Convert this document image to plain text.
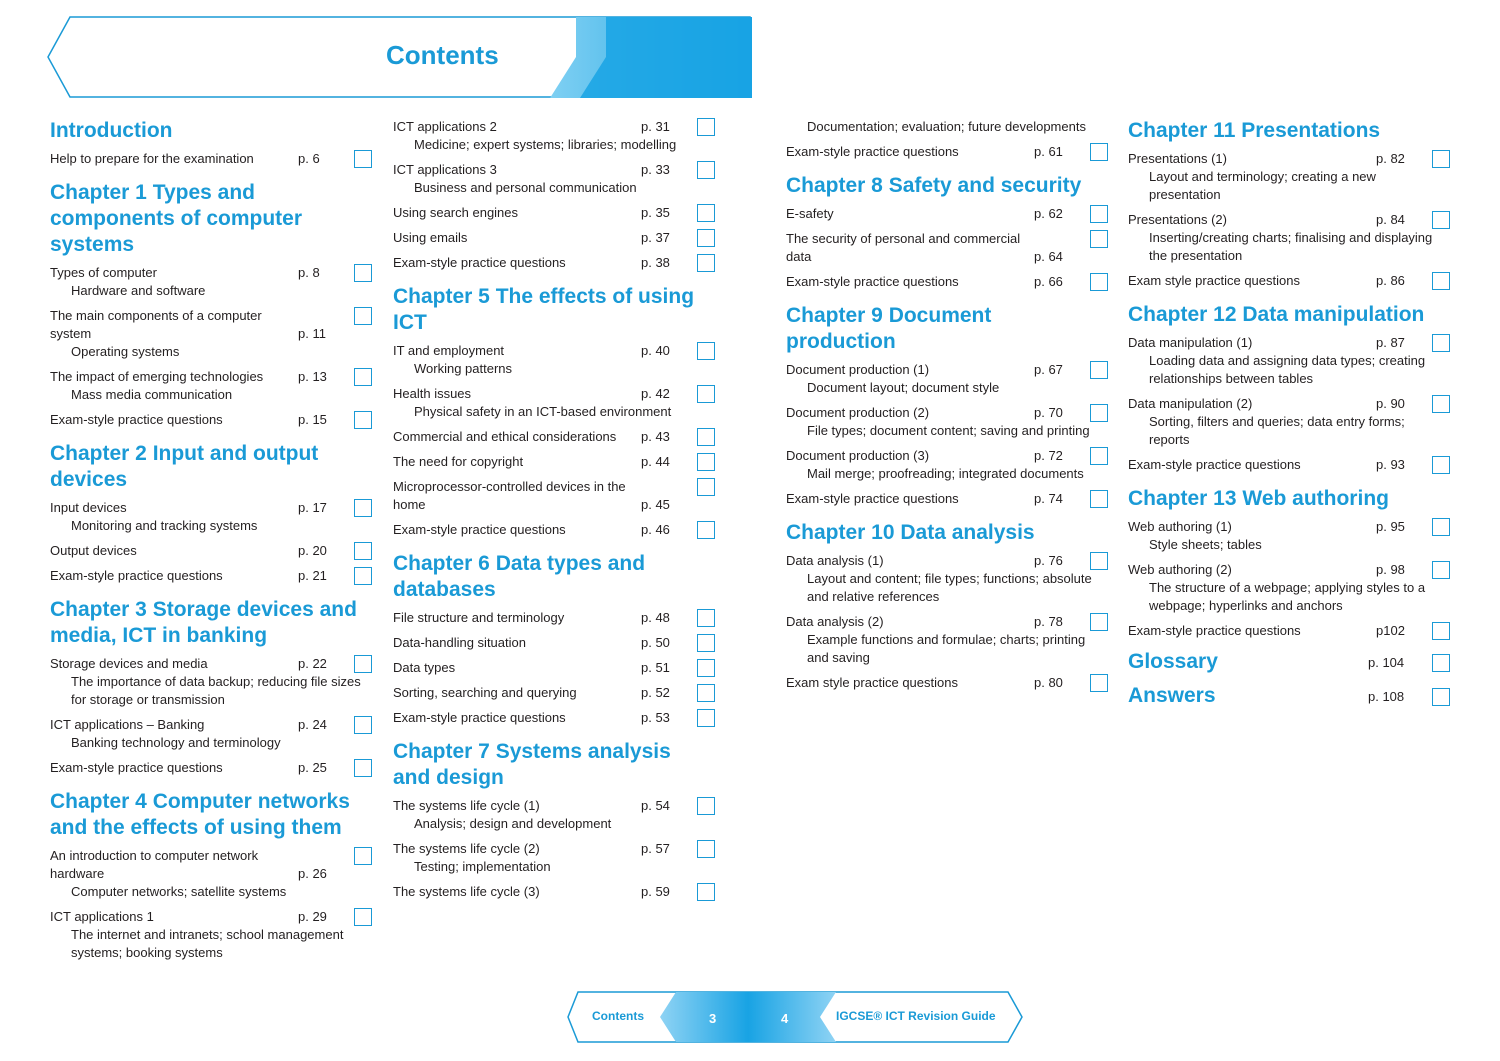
Contents
Introduction
Help to prepare for the examination	p. 6
Chapter 1 Types and components of computer systems
Types of computer	p. 8
Hardware and software
The main components of a computer system	p. 11
Operating systems
The impact of emerging technologies	p. 13
Mass media communication
Exam-style practice questions	p. 15
Chapter 2 Input and output devices
Input devices	p. 17
Monitoring and tracking systems
Output devices	p. 20
Exam-style practice questions	p. 21
Chapter 3 Storage devices and media, ICT in banking
Storage devices and media	p. 22
The importance of data backup; reducing file sizes for storage or transmission
ICT applications – Banking	p. 24
Banking technology and terminology
Exam-style practice questions	p. 25
Chapter 4 Computer networks and the effects of using them
An introduction to computer network hardware	p. 26
Computer networks; satellite systems
ICT applications 1	p. 29
The internet and intranets; school management systems; booking systems
ICT applications 2	p. 31
Medicine; expert systems; libraries; modelling
ICT applications 3	p. 33
Business and personal communication
Using search engines	p. 35
Using emails	p. 37
Exam-style practice questions	p. 38
Chapter 5 The effects of using ICT
IT and employment	p. 40
Working patterns
Health issues	p. 42
Physical safety in an ICT-based environment
Commercial and ethical considerations	p. 43
The need for copyright	p. 44
Microprocessor-controlled devices in the home	p. 45
Exam-style practice questions	p. 46
Chapter 6 Data types and databases
File structure and terminology	p. 48
Data-handling situation	p. 50
Data types	p. 51
Sorting, searching and querying	p. 52
Exam-style practice questions	p. 53
Chapter 7 Systems analysis and design
The systems life cycle (1)	p. 54
Analysis; design and development
The systems life cycle (2)	p. 57
Testing; implementation
The systems life cycle (3)	p. 59
Documentation; evaluation; future developments
Exam-style practice questions	p. 61
Chapter 8 Safety and security
E-safety	p. 62
The security of personal and commercial data	p. 64
Exam-style practice questions	p. 66
Chapter 9 Document production
Document production (1)	p. 67
Document layout; document style
Document production (2)	p. 70
File types; document content; saving and printing
Document production (3)	p. 72
Mail merge; proofreading; integrated documents
Exam-style practice questions	p. 74
Chapter 10 Data analysis
Data analysis (1)	p. 76
Layout and content; file types; functions; absolute and relative references
Data analysis (2)	p. 78
Example functions and formulae; charts; printing and saving
Exam style practice questions	p. 80
Chapter 11 Presentations
Presentations (1)	p. 82
Layout and terminology; creating a new presentation
Presentations (2)	p. 84
Inserting/creating charts; finalising and displaying the presentation
Exam style practice questions	p. 86
Chapter 12 Data manipulation
Data manipulation (1)	p. 87
Loading data and assigning data types; creating relationships between tables
Data manipulation (2)	p. 90
Sorting, filters and queries; data entry forms; reports
Exam-style practice questions	p. 93
Chapter 13 Web authoring
Web authoring (1)	p. 95
Style sheets; tables
Web authoring (2)	p. 98
The structure of a webpage; applying styles to a webpage; hyperlinks and anchors
Exam-style practice questions	p102
Glossary	p. 104
Answers	p. 108
Contents	3	4	IGCSE® ICT Revision Guide
